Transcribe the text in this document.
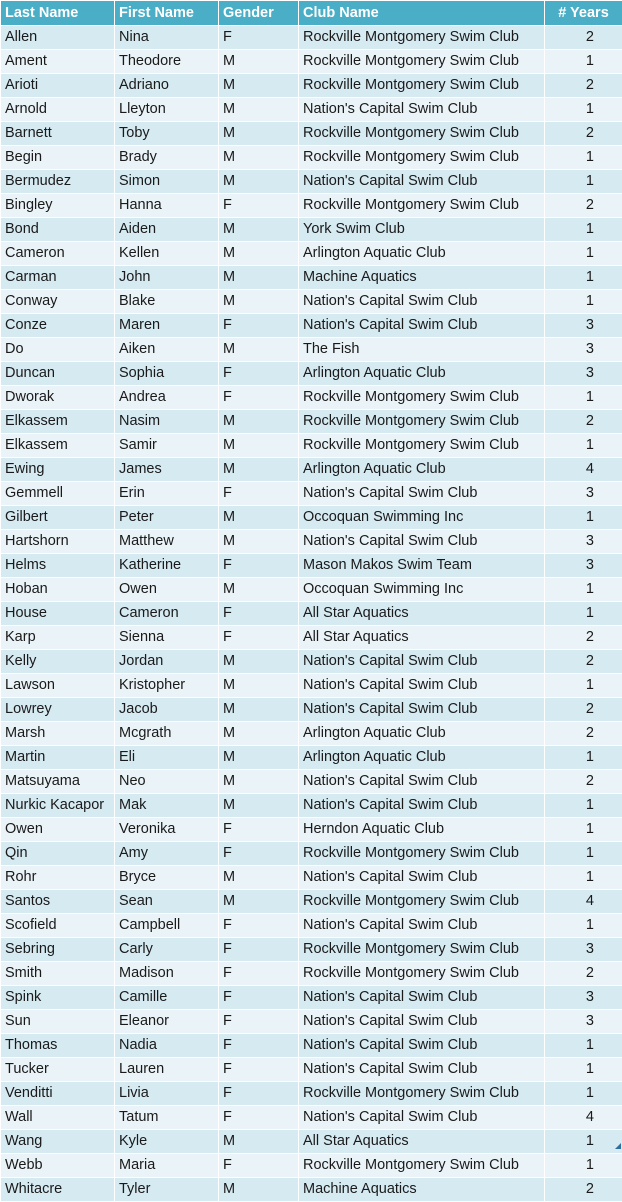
Last Name	First Name	Gender	Club Name	# Years
Allen	Nina	F	Rockville Montgomery Swim Club	2
Ament	Theodore	M	Rockville Montgomery Swim Club	1
Arioti	Adriano	M	Rockville Montgomery Swim Club	2
Arnold	Lleyton	M	Nation's Capital Swim Club	1
Barnett	Toby	M	Rockville Montgomery Swim Club	2
Begin	Brady	M	Rockville Montgomery Swim Club	1
Bermudez	Simon	M	Nation's Capital Swim Club	1
Bingley	Hanna	F	Rockville Montgomery Swim Club	2
Bond	Aiden	M	York Swim Club	1
Cameron	Kellen	M	Arlington Aquatic Club	1
Carman	John	M	Machine Aquatics	1
Conway	Blake	M	Nation's Capital Swim Club	1
Conze	Maren	F	Nation's Capital Swim Club	3
Do	Aiken	M	The Fish	3
Duncan	Sophia	F	Arlington Aquatic Club	3
Dworak	Andrea	F	Rockville Montgomery Swim Club	1
Elkassem	Nasim	M	Rockville Montgomery Swim Club	2
Elkassem	Samir	M	Rockville Montgomery Swim Club	1
Ewing	James	M	Arlington Aquatic Club	4
Gemmell	Erin	F	Nation's Capital Swim Club	3
Gilbert	Peter	M	Occoquan Swimming Inc	1
Hartshorn	Matthew	M	Nation's Capital Swim Club	3
Helms	Katherine	F	Mason Makos Swim Team	3
Hoban	Owen	M	Occoquan Swimming Inc	1
House	Cameron	F	All Star Aquatics	1
Karp	Sienna	F	All Star Aquatics	2
Kelly	Jordan	M	Nation's Capital Swim Club	2
Lawson	Kristopher	M	Nation's Capital Swim Club	1
Lowrey	Jacob	M	Nation's Capital Swim Club	2
Marsh	Mcgrath	M	Arlington Aquatic Club	2
Martin	Eli	M	Arlington Aquatic Club	1
Matsuyama	Neo	M	Nation's Capital Swim Club	2
Nurkic Kacapor	Mak	M	Nation's Capital Swim Club	1
Owen	Veronika	F	Herndon Aquatic Club	1
Qin	Amy	F	Rockville Montgomery Swim Club	1
Rohr	Bryce	M	Nation's Capital Swim Club	1
Santos	Sean	M	Rockville Montgomery Swim Club	4
Scofield	Campbell	F	Nation's Capital Swim Club	1
Sebring	Carly	F	Rockville Montgomery Swim Club	3
Smith	Madison	F	Rockville Montgomery Swim Club	2
Spink	Camille	F	Nation's Capital Swim Club	3
Sun	Eleanor	F	Nation's Capital Swim Club	3
Thomas	Nadia	F	Nation's Capital Swim Club	1
Tucker	Lauren	F	Nation's Capital Swim Club	1
Venditti	Livia	F	Rockville Montgomery Swim Club	1
Wall	Tatum	F	Nation's Capital Swim Club	4
Wang	Kyle	M	All Star Aquatics	1
Webb	Maria	F	Rockville Montgomery Swim Club	1
Whitacre	Tyler	M	Machine Aquatics	2
